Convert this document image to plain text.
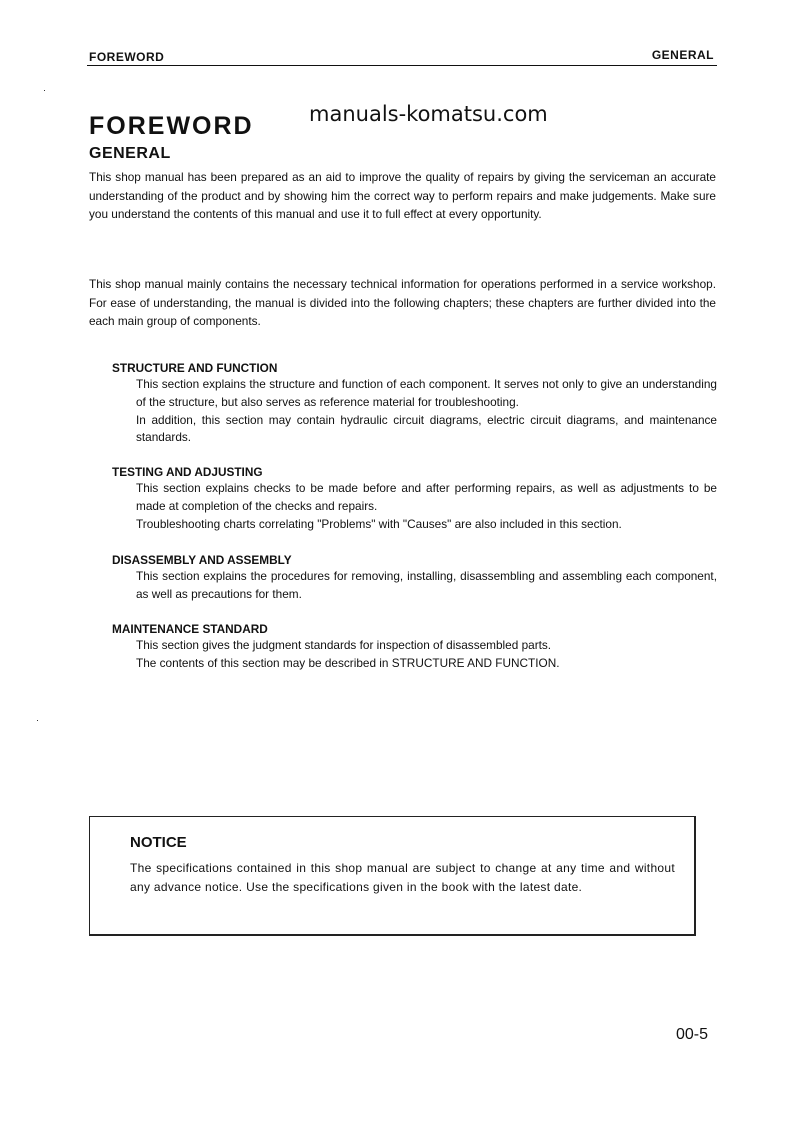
FOREWORD	GENERAL
FOREWORD	manuals-komatsu.com
GENERAL
This shop manual has been prepared as an aid to improve the quality of repairs by giving the serviceman an accurate understanding of the product and by showing him the correct way to perform repairs and make judgements. Make sure you understand the contents of this manual and use it to full effect at every opportunity.
This shop manual mainly contains the necessary technical information for operations performed in a service workshop. For ease of understanding, the manual is divided into the following chapters; these chapters are further divided into the each main group of components.
STRUCTURE AND FUNCTION

This section explains the structure and function of each component. It serves not only to give an understanding of the structure, but also serves as reference material for troubleshooting.

In addition, this section may contain hydraulic circuit diagrams, electric circuit diagrams, and maintenance standards.

TESTING AND ADJUSTING

This section explains checks to be made before and after performing repairs, as well as adjustments to be made at completion of the checks and repairs.

Troubleshooting charts correlating "Problems" with "Causes" are also included in this section.

DISASSEMBLY AND ASSEMBLY

This section explains the procedures for removing, installing, disassembling and assembling each component, as well as precautions for them.

MAINTENANCE STANDARD

This section gives the judgment standards for inspection of disassembled parts.

The contents of this section may be described in STRUCTURE AND FUNCTION.

NOTICE
The specifications contained in this shop manual are subject to change at any time and without any advance notice. Use the specifications given in the book with the latest date.
00-5
